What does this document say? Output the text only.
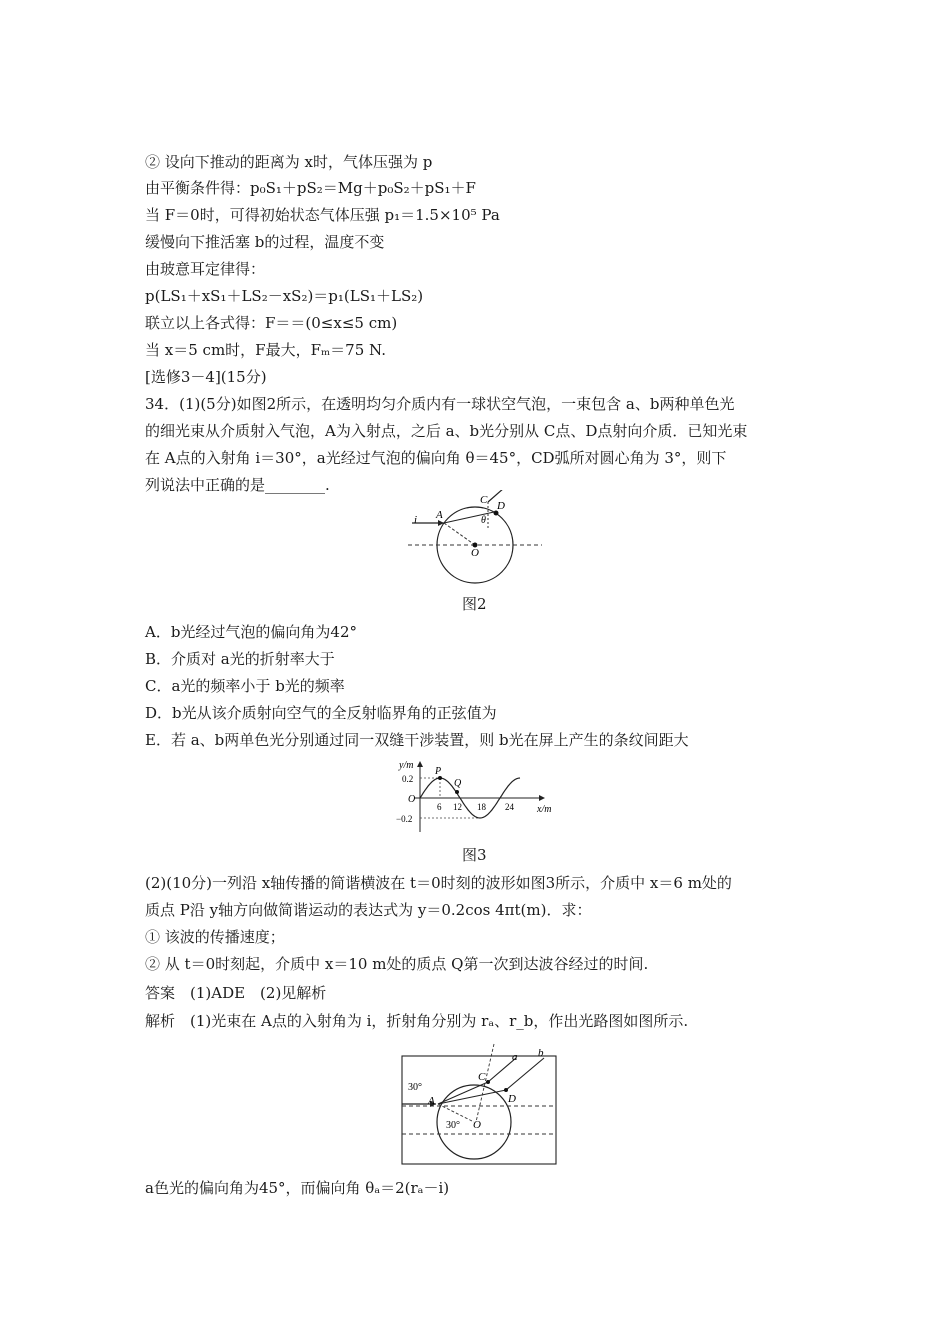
② 设向下推动的距离为 x时，气体压强为 p
由平衡条件得：p₀S₁＋pS₂＝Mg＋p₀S₂＋pS₁＋F
当 F＝0时，可得初始状态气体压强 p₁＝1.5×10⁵ Pa
缓慢向下推活塞 b的过程，温度不变
由玻意耳定律得：
p(LS₁＋xS₁＋LS₂－xS₂)＝p₁(LS₁＋LS₂)
联立以上各式得：F＝＝(0≤x≤5 cm)
当 x＝5 cm时，F最大，Fₘ＝75 N.
[选修3－4](15分)
34．(1)(5分)如图2所示，在透明均匀介质内有一球状空气泡，一束包含 a、b两种单色光
的细光束从介质射入气泡，A为入射点，之后 a、b光分别从 C点、D点射向介质．已知光束
在 A点的入射角 i＝30°，a光经过气泡的偏向角 θ＝45°，CD弧所对圆心角为 3°，则下
列说法中正确的是________.
i A
C D
θ
O
图2
A．b光经过气泡的偏向角为42°
B．介质对 a光的折射率大于
C．a光的频率小于 b光的频率
D．b光从该介质射向空气的全反射临界角的正弦值为
E．若 a、b两单色光分别通过同一双缝干涉装置，则 b光在屏上产生的条纹间距大
y/m
x/m
O
P
Q
0.2
−0.2
6 12 18 24
图3
(2)(10分)一列沿 x轴传播的简谐横波在 t＝0时刻的波形如图3所示，介质中 x＝6 m处的
质点 P沿 y轴方向做简谐运动的表达式为 y＝0.2cos 4πt(m)．求：
① 该波的传播速度；
② 从 t＝0时刻起，介质中 x＝10 m处的质点 Q第一次到达波谷经过的时间.
答案　(1)ADE　(2)见解析
解析　(1)光束在 A点的入射角为 i，折射角分别为 rₐ、r_b，作出光路图如图所示.
30°
30°
A
C
D
O
a b
a色光的偏向角为45°，而偏向角 θₐ＝2(rₐ－i)
